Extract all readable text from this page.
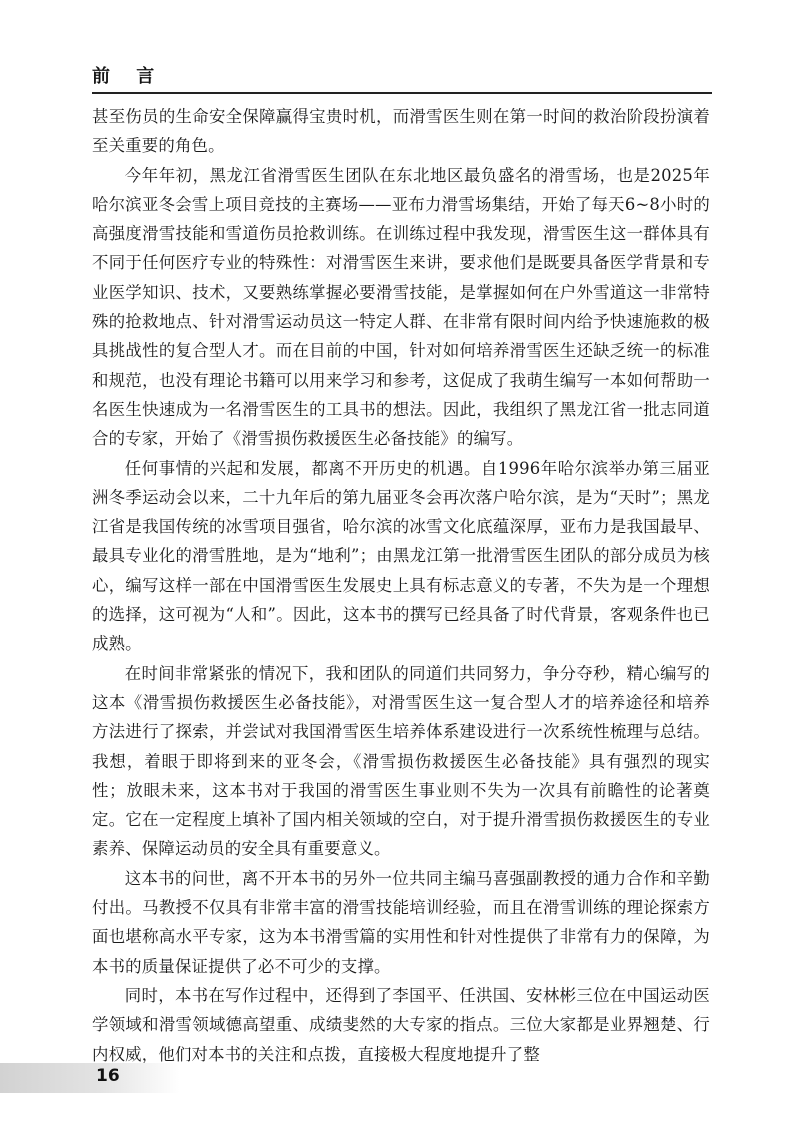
前 言

甚至伤员的生命安全保障赢得宝贵时机，而滑雪医生则在第一时间的救治阶段扮演着至关重要的角色。

今年年初，黑龙江省滑雪医生团队在东北地区最负盛名的滑雪场，也是2025年哈尔滨亚冬会雪上项目竞技的主赛场——亚布力滑雪场集结，开始了每天6~8小时的高强度滑雪技能和雪道伤员抢救训练。在训练过程中我发现，滑雪医生这一群体具有不同于任何医疗专业的特殊性：对滑雪医生来讲，要求他们是既要具备医学背景和专业医学知识、技术，又要熟练掌握必要滑雪技能，是掌握如何在户外雪道这一非常特殊的抢救地点、针对滑雪运动员这一特定人群、在非常有限时间内给予快速施救的极具挑战性的复合型人才。而在目前的中国，针对如何培养滑雪医生还缺乏统一的标准和规范，也没有理论书籍可以用来学习和参考，这促成了我萌生编写一本如何帮助一名医生快速成为一名滑雪医生的工具书的想法。因此，我组织了黑龙江省一批志同道合的专家，开始了《滑雪损伤救援医生必备技能》的编写。

任何事情的兴起和发展，都离不开历史的机遇。自1996年哈尔滨举办第三届亚洲冬季运动会以来，二十九年后的第九届亚冬会再次落户哈尔滨，是为“天时”；黑龙江省是我国传统的冰雪项目强省，哈尔滨的冰雪文化底蕴深厚，亚布力是我国最早、最具专业化的滑雪胜地，是为“地利”；由黑龙江第一批滑雪医生团队的部分成员为核心，编写这样一部在中国滑雪医生发展史上具有标志意义的专著，不失为是一个理想的选择，这可视为“人和”。因此，这本书的撰写已经具备了时代背景，客观条件也已成熟。

在时间非常紧张的情况下，我和团队的同道们共同努力，争分夺秒，精心编写的这本《滑雪损伤救援医生必备技能》，对滑雪医生这一复合型人才的培养途径和培养方法进行了探索，并尝试对我国滑雪医生培养体系建设进行一次系统性梳理与总结。我想，着眼于即将到来的亚冬会，《滑雪损伤救援医生必备技能》具有强烈的现实性；放眼未来，这本书对于我国的滑雪医生事业则不失为一次具有前瞻性的论著奠定。它在一定程度上填补了国内相关领域的空白，对于提升滑雪损伤救援医生的专业素养、保障运动员的安全具有重要意义。

这本书的问世，离不开本书的另外一位共同主编马喜强副教授的通力合作和辛勤付出。马教授不仅具有非常丰富的滑雪技能培训经验，而且在滑雪训练的理论探索方面也堪称高水平专家，这为本书滑雪篇的实用性和针对性提供了非常有力的保障，为本书的质量保证提供了必不可少的支撑。

同时，本书在写作过程中，还得到了李国平、任洪国、安林彬三位在中国运动医学领域和滑雪领域德高望重、成绩斐然的大专家的指点。三位大家都是业界翘楚、行内权威，他们对本书的关注和点拨，直接极大程度地提升了整

16
